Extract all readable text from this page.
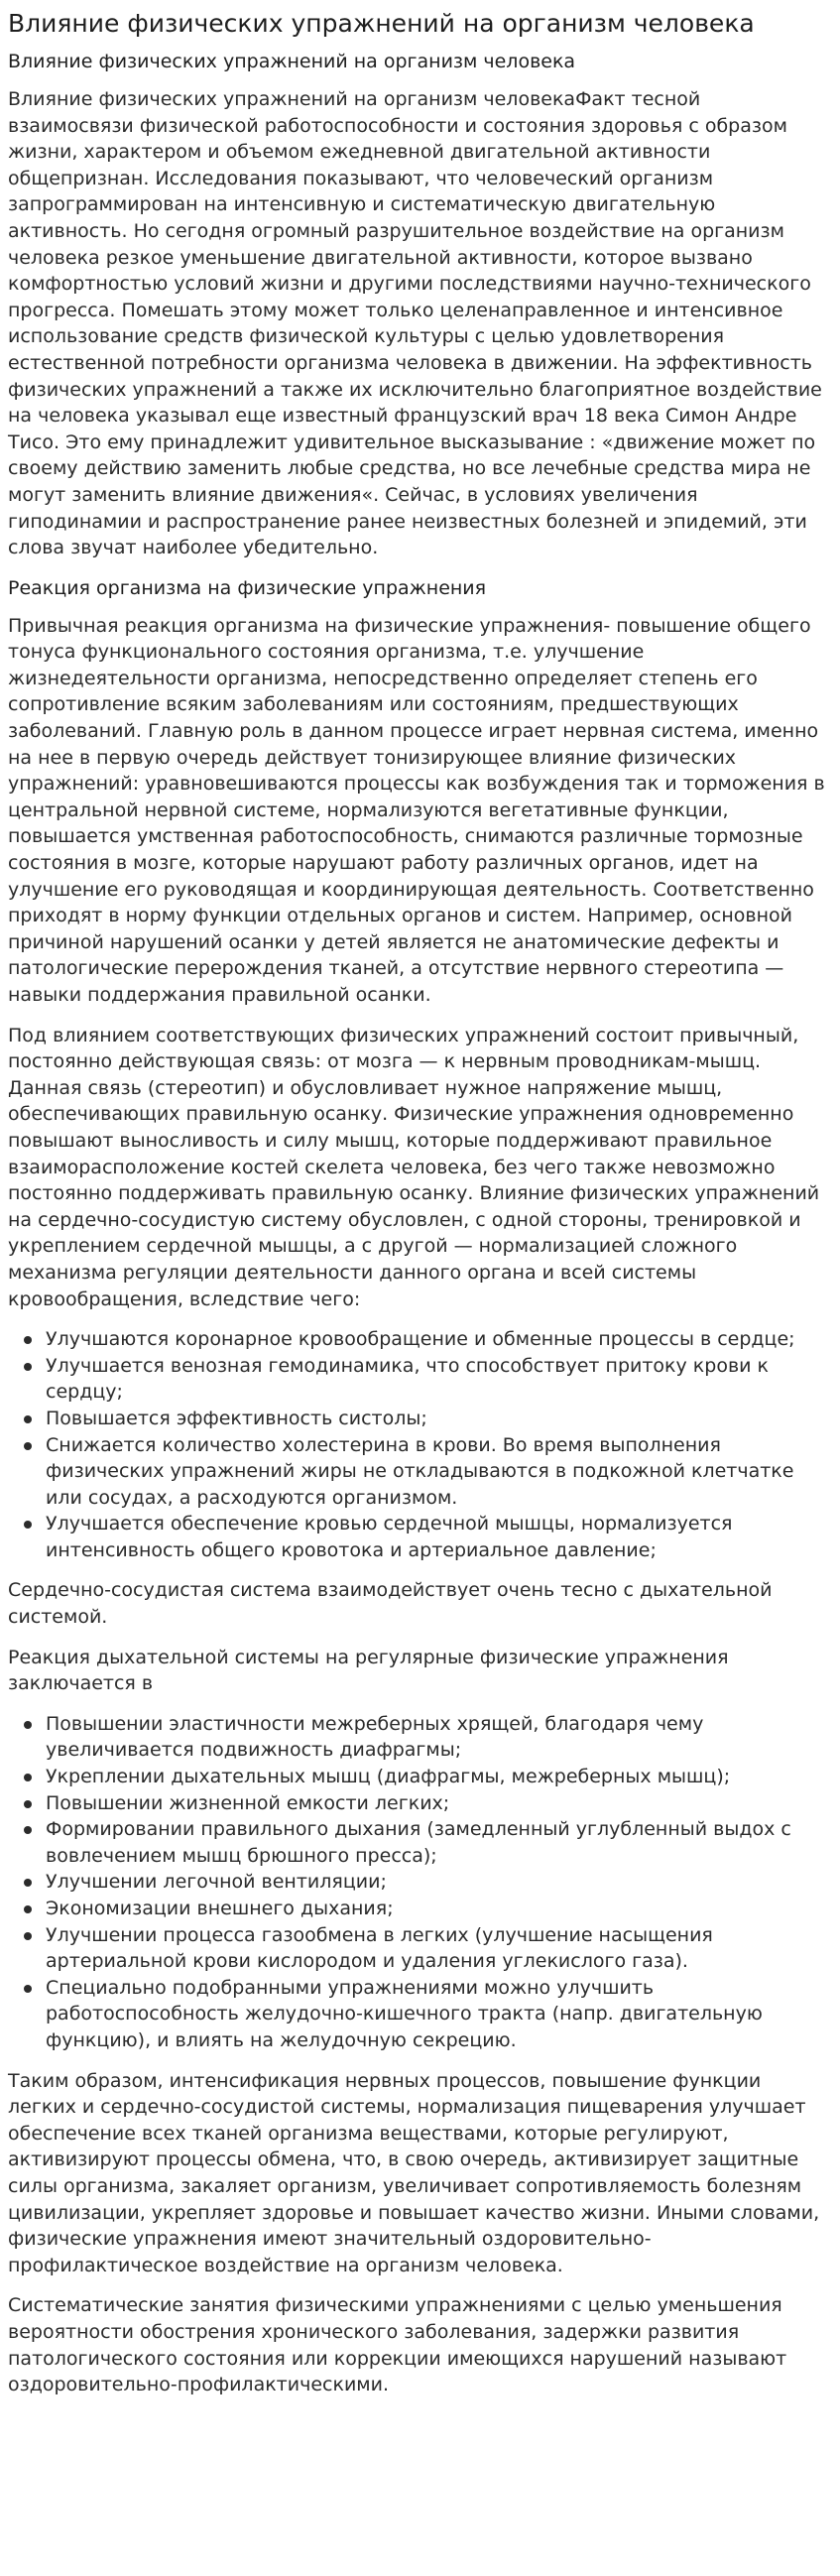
Влияние физических упражнений на организм человека
Влияние физических упражнений на организм человека

Влияние физических упражнений на организм человекаФакт тесной взаимосвязи физической работоспособности и состояния здоровья с образом жизни, характером и объемом ежедневной двигательной активности общепризнан. Исследования показывают, что человеческий организм запрограммирован на интенсивную и систематическую двигательную активность. Но сегодня огромный разрушительное воздействие на организм человека резкое уменьшение двигательной активности, которое вызвано комфортностью условий жизни и другими последствиями научно-технического прогресса. Помешать этому может только целенаправленное и интенсивное использование средств физической культуры с целью удовлетворения естественной потребности организма человека в движении. На эффективность физических упражнений а также их исключительно благоприятное воздействие на человека указывал еще известный французский врач 18 века Симон Андре Тисо. Это ему принадлежит удивительное высказывание : «движение может по своему действию заменить любые средства, но все лечебные средства мира не могут заменить влияние движения«. Сейчас, в условиях увеличения гиподинамии и распространение ранее неизвестных болезней и эпидемий, эти слова звучат наиболее убедительно.

Реакция организма на физические упражнения

Привычная реакция организма на физические упражнения- повышение общего тонуса функционального состояния организма, т.е. улучшение жизнедеятельности организма, непосредственно определяет степень его сопротивление всяким заболеваниям или состояниям, предшествующих заболеваний. Главную роль в данном процессе играет нервная система, именно на нее в первую очередь действует тонизирующее влияние физических упражнений: уравновешиваются процессы как возбуждения так и торможения в центральной нервной системе, нормализуются вегетативные функции, повышается умственная работоспособность, снимаются различные тормозные состояния в мозге, которые нарушают работу различных органов, идет на улучшение его руководящая и координирующая деятельность. Соответственно приходят в норму функции отдельных органов и систем. Например, основной причиной нарушений осанки у детей является не анатомические дефекты и патологические перерождения тканей, а отсутствие нервного стереотипа — навыки поддержания правильной осанки.

Под влиянием соответствующих физических упражнений состоит привычный, постоянно действующая связь: от мозга — к нервным проводникам-мышц. Данная связь (стереотип) и обусловливает нужное напряжение мышц, обеспечивающих правильную осанку. Физические упражнения одновременно повышают выносливость и силу мышц, которые поддерживают правильное взаиморасположение костей скелета человека, без чего также невозможно постоянно поддерживать правильную осанку. Влияние физических упражнений на сердечно-сосудистую систему обусловлен, с одной стороны, тренировкой и укреплением сердечной мышцы, а с другой — нормализацией сложного механизма регуляции деятельности данного органа и всей системы кровообращения, вследствие чего:

Улучшаются коронарное кровообращение и обменные процессы в сердце;
Улучшается венозная гемодинамика, что способствует притоку крови к сердцу;
Повышается эффективность систолы;
Снижается количество холестерина в крови. Во время выполнения физических упражнений жиры не откладываются в подкожной клетчатке или сосудах, а расходуются организмом.
Улучшается обеспечение кровью сердечной мышцы, нормализуется интенсивность общего кровотока и артериальное давление;

Сердечно-сосудистая система взаимодействует очень тесно с дыхательной системой.

Реакция дыхательной системы на регулярные физические упражнения заключается в

Повышении эластичности межреберных хрящей, благодаря чему увеличивается подвижность диафрагмы;
Укреплении дыхательных мышц (диафрагмы, межреберных мышц);
Повышении жизненной емкости легких;
Формировании правильного дыхания (замедленный углубленный выдох с вовлечением мышц брюшного пресса);
Улучшении легочной вентиляции;
Экономизации внешнего дыхания;
Улучшении процесса газообмена в легких (улучшение насыщения артериальной крови кислородом и удаления углекислого газа).
Специально подобранными упражнениями можно улучшить работоспособность желудочно-кишечного тракта (напр. двигательную функцию), и влиять на желудочную секрецию.

Таким образом, интенсификация нервных процессов, повышение функции легких и сердечно-сосудистой системы, нормализация пищеварения улучшает обеспечение всех тканей организма веществами, которые регулируют, активизируют процессы обмена, что, в свою очередь, активизирует защитные силы организма, закаляет организм, увеличивает сопротивляемость болезням цивилизации, укрепляет здоровье и повышает качество жизни. Иными словами, физические упражнения имеют значительный оздоровительно-профилактическое воздействие на организм человека.

Систематические занятия физическими упражнениями с целью уменьшения вероятности обострения хронического заболевания, задержки развития патологического состояния или коррекции имеющихся нарушений называют оздоровительно-профилактическими.
